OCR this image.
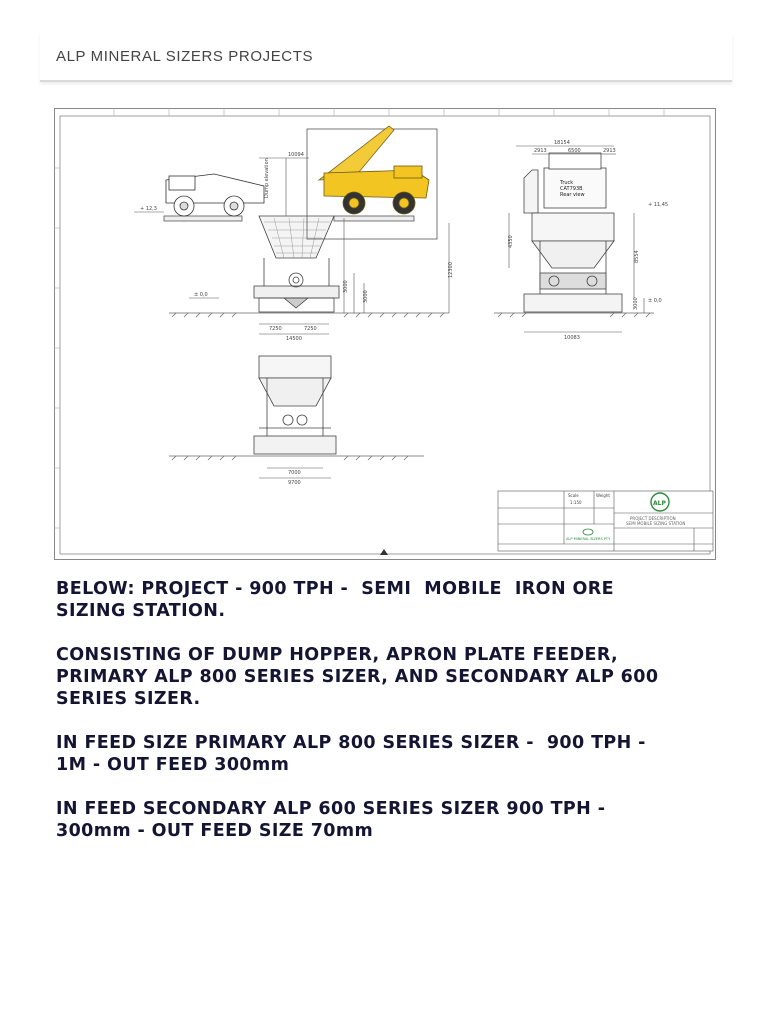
ALP MINERAL SIZERS PROJECTS
+ 12,3
± 0,0
7250	7250
14500
10094
Dump elevation
12300
3000
3000
18154
2913	6500	2913
Truck
CAT793B
Rear view
+ 11,45
± 0,0
8554
3000
4350
10083
7000
9700
Scale	Weight
1:150	ALP
PROJECT DESCRIPTION
SEMI MOBILE SIZING STATION
ALP MINERAL SIZERS PTY

BELOW: PROJECT - 900 TPH -  SEMI  MOBILE  IRON ORE
SIZING STATION.

CONSISTING OF DUMP HOPPER, APRON PLATE FEEDER,
PRIMARY ALP 800 SERIES SIZER, AND SECONDARY ALP 600
SERIES SIZER.

IN FEED SIZE PRIMARY ALP 800 SERIES SIZER -  900 TPH -
1M - OUT FEED 300mm

IN FEED SECONDARY ALP 600 SERIES SIZER 900 TPH -
300mm - OUT FEED SIZE 70mm
